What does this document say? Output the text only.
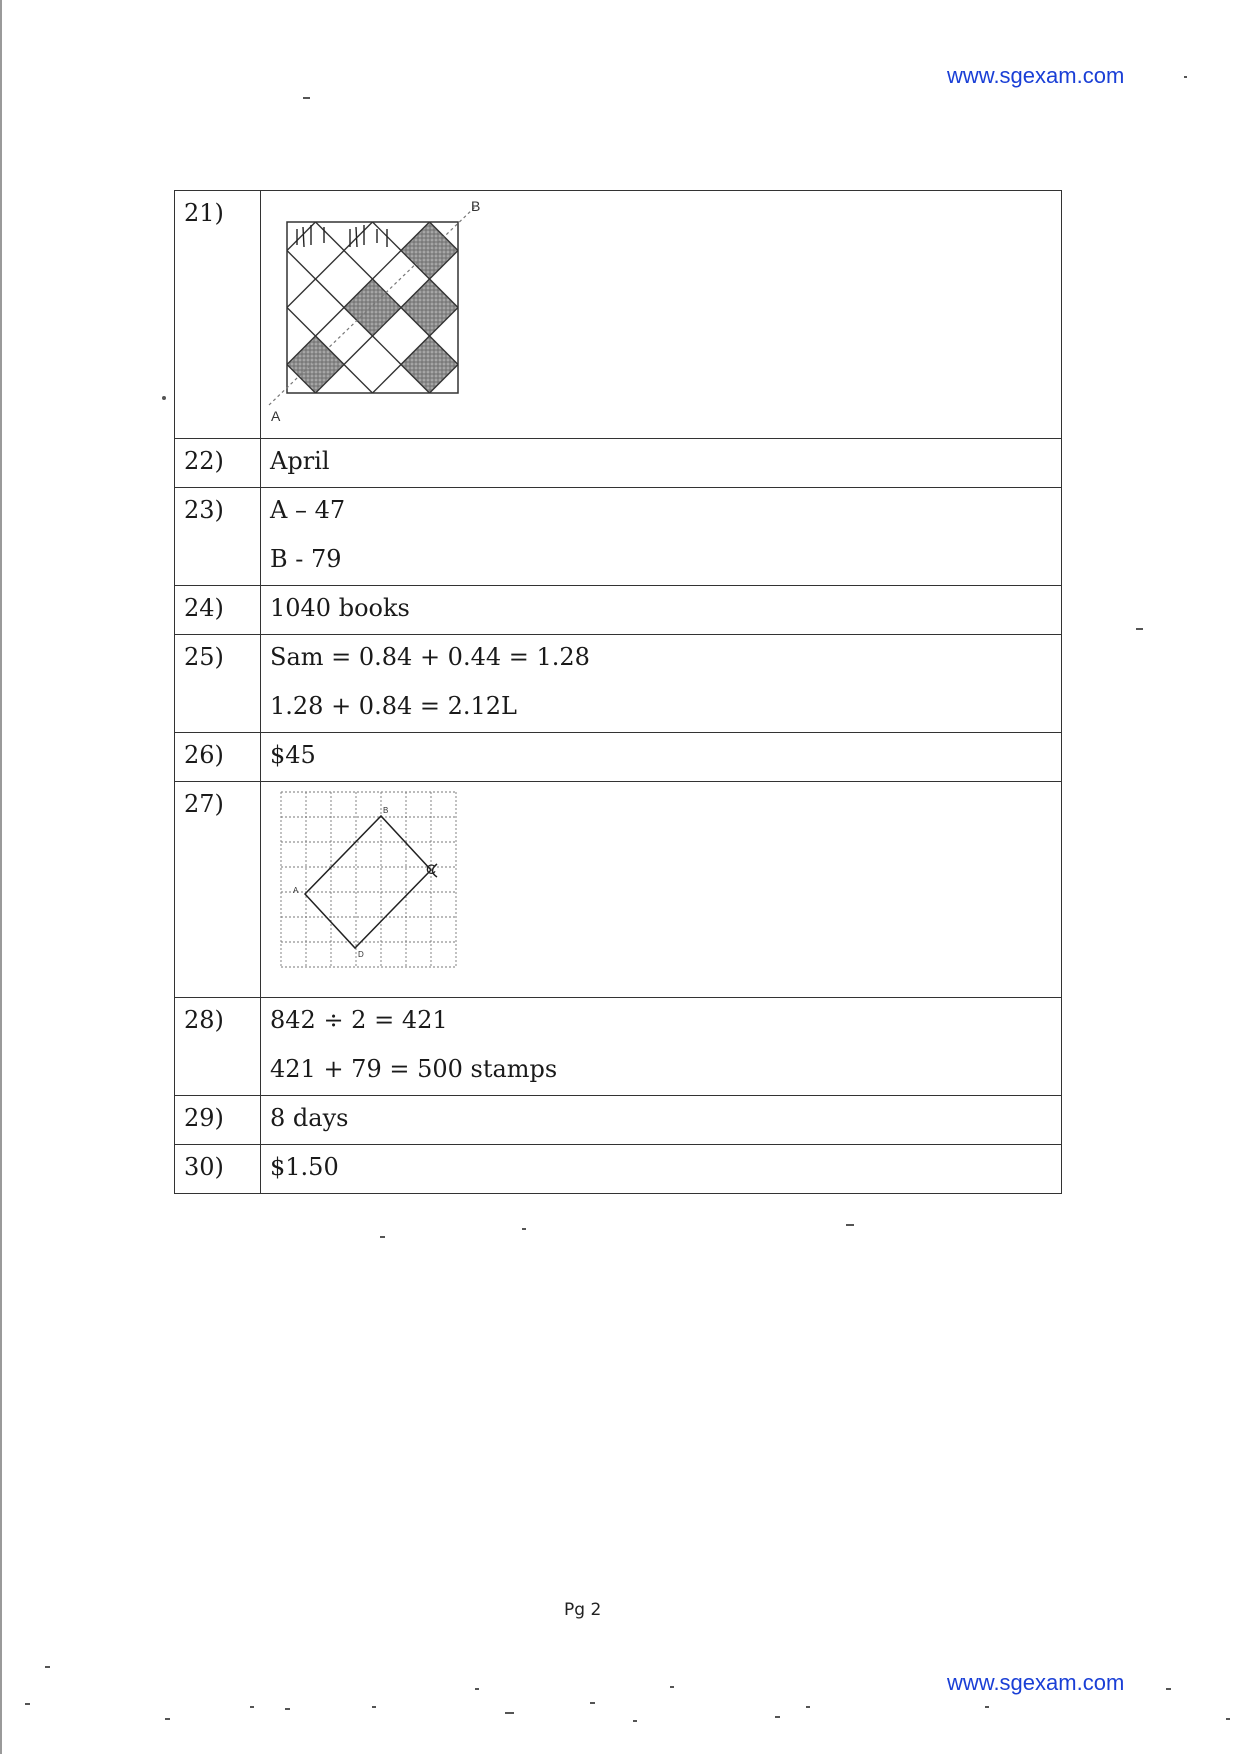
www.sgexam.com
21)	A
B

22)	April

23)	A – 47
B - 79

24)	1040 books

25)	Sam = 0.84 + 0.44 = 1.28
1.28 + 0.84 = 2.12L

26)	$45

27)	A
B
C
D

28)	842 ÷ 2 = 421
421 + 79 = 500 stamps

29)	8 days

30)	$1.50
Pg 2
www.sgexam.com
